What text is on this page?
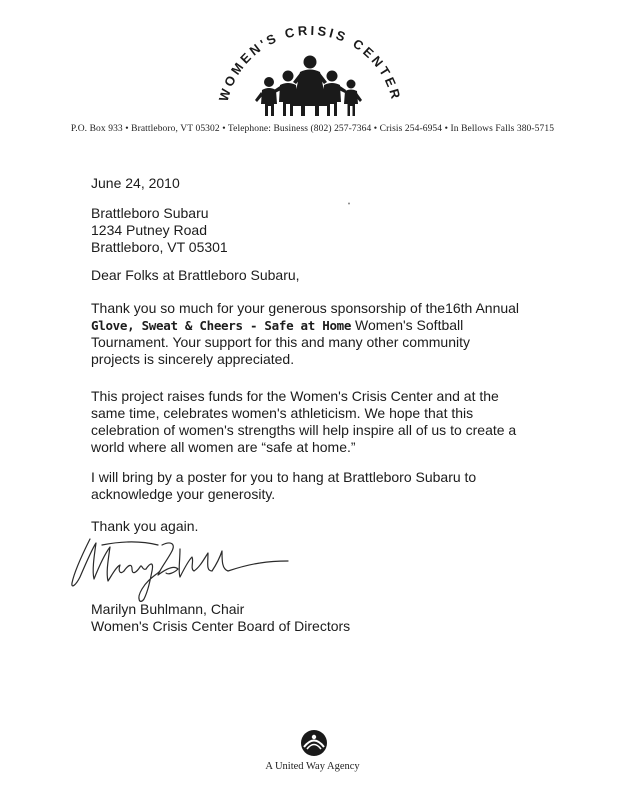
WOMEN'S CRISIS CENTER
P.O. Box 933 • Brattleboro, VT 05302 • Telephone: Business (802) 257-7364 • Crisis 254-6954 • In Bellows Falls 380-5715
June 24, 2010
Brattleboro Subaru
1234 Putney Road
Brattleboro, VT 05301
Dear Folks at Brattleboro Subaru,
Thank you so much for your generous sponsorship of the16th Annual
Glove, Sweat & Cheers - Safe at Home Women's Softball
Tournament. Your support for this and many other community
projects is sincerely appreciated.
This project raises funds for the Women's Crisis Center and at the
same time, celebrates women's athleticism. We hope that this
celebration of women's strengths will help inspire all of us to create a
world where all women are “safe at home.”
I will bring by a poster for you to hang at Brattleboro Subaru to
acknowledge your generosity.
Thank you again.
Marilyn Buhlmann, Chair
Women's Crisis Center Board of Directors
A United Way Agency
